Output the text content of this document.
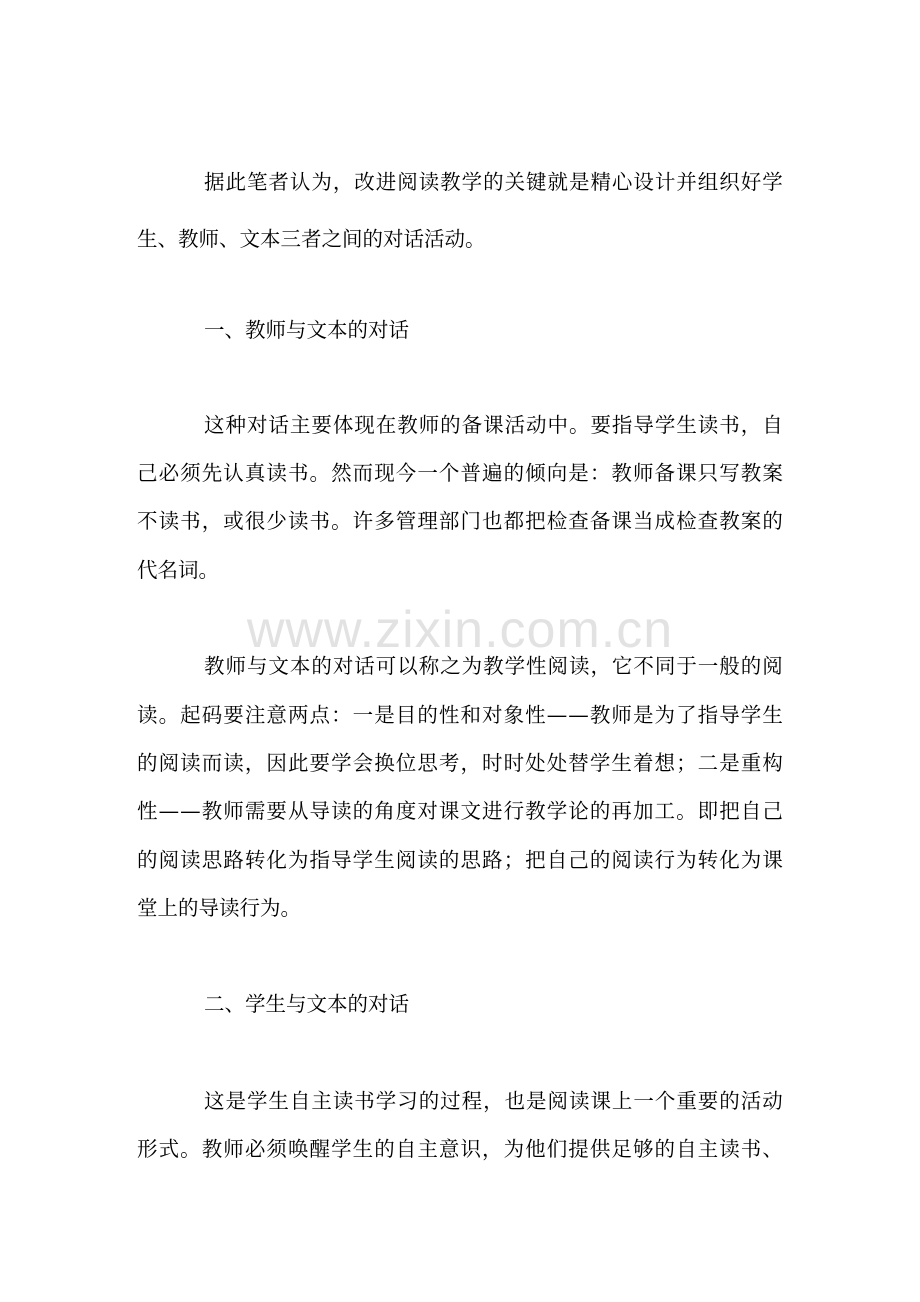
www.zixin.com.cn
据 此 笔 者 认 为 ， 改 进 阅 读 教 学 的 关 键 就 是 精 心 设 计 并 组 织 好 学
生、教师、文本三者之间的对话活动。
一、教师与文本的对话
这 种 对 话 主 要 体 现 在 教 师 的 备 课 活 动 中 。 要 指 导 学 生 读 书 ， 自
己 必 须 先 认 真 读 书 。 然 而 现 今 一 个 普 遍 的 倾 向 是 ： 教 师 备 课 只 写 教 案
不 读 书 ， 或 很 少 读 书 。 许 多 管 理 部 门 也 都 把 检 查 备 课 当 成 检 查 教 案 的
代名词。
教 师 与 文 本 的 对 话 可 以 称 之 为 教 学 性 阅 读 ， 它 不 同 于 一 般 的 阅
读 。 起 码 要 注 意 两 点 ： 一 是 目 的 性 和 对 象 性 — — 教 师 是 为 了 指 导 学 生
的 阅 读 而 读 ， 因 此 要 学 会 换 位 思 考 ， 时 时 处 处 替 学 生 着 想 ； 二 是 重 构
性 — — 教 师 需 要 从 导 读 的 角 度 对 课 文 进 行 教 学 论 的 再 加 工 。 即 把 自 己
的 阅 读 思 路 转 化 为 指 导 学 生 阅 读 的 思 路 ； 把 自 己 的 阅 读 行 为 转 化 为 课
堂上的导读行为。
二、学生与文本的对话
这 是 学 生 自 主 读 书 学 习 的 过 程 ， 也 是 阅 读 课 上 一 个 重 要 的 活 动
形 式 。 教 师 必 须 唤 醒 学 生 的 自 主 意 识 ， 为 他 们 提 供 足 够 的 自 主 读 书 、
